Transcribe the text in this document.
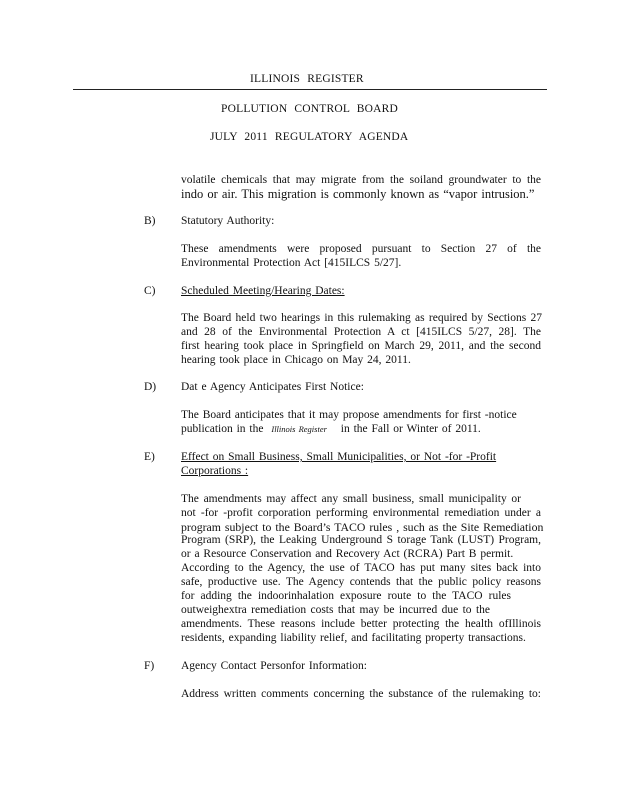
ILLINOIS REGISTER
POLLUTION CONTROL BOARD
JULY 2011 REGULATORY AGENDA
volatile chemicals that may migrate from the soiland groundwater to the
indo or air. This migration is commonly known as “vapor intrusion.”
B) Statutory Authority:
These amendments were proposed pursuant to Section 27 of the
Environmental Protection Act [415ILCS 5/27].
C) Scheduled Meeting/Hearing Dates:
The Board held two hearings in this rulemaking as required by Sections 27
and 28 of the Environmental Protection A ct [415ILCS 5/27, 28]. The
first hearing took place in Springfield on March 29, 2011, and the second
hearing took place in Chicago on May 24, 2011.
D) Dat e Agency Anticipates First Notice:
The Board anticipates that it may propose amendments for first -notice
publication in the Illinois Register in the Fall or Winter of 2011.
E) Effect on Small Business, Small Municipalities, or Not -for -Profit
Corporations :
The amendments may affect any small business, small municipality or
not -for -profit corporation performing environmental remediation under a
program subject to the Board’s TACO rules , such as the Site Remediation
Program (SRP), the Leaking Underground S torage Tank (LUST) Program,
or a Resource Conservation and Recovery Act (RCRA) Part B permit.
According to the Agency, the use of TACO has put many sites back into
safe, productive use. The Agency contends that the public policy reasons
for adding the indoorinhalation exposure route to the TACO rules
outweighextra remediation costs that may be incurred due to the
amendments. These reasons include better protecting the health ofIllinois
residents, expanding liability relief, and facilitating property transactions.
F) Agency Contact Personfor Information:
Address written comments concerning the substance of the rulemaking to:
